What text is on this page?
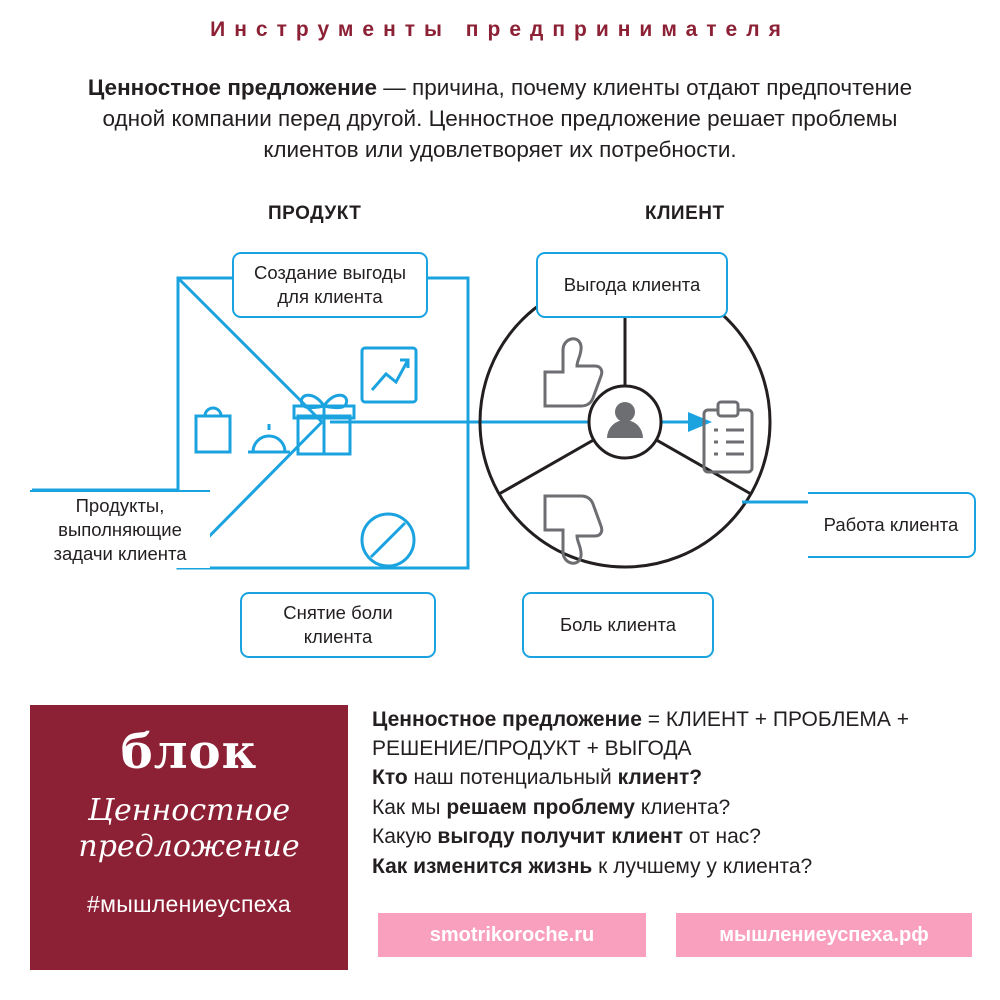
Инструменты предпринимателя
Ценностное предложение — причина, почему клиенты отдают предпочтение одной компании перед другой. Ценностное предложение решает проблемы клиентов или удовлетворяет их потребности.
ПРОДУКТ	КЛИЕНТ
Создание выгоды для клиента
Снятие боли клиента
Выгода клиента
Боль клиента
Работа клиента
Продукты,
выполняющие
задачи клиента
блок
Ценностное
предложение
#мышлениеуспеха
Ценностное предложение = КЛИЕНТ + ПРОБЛЕМА + РЕШЕНИЕ/ПРОДУКТ + ВЫГОДА
Кто наш потенциальный клиент?
Как мы решаем проблему клиента?
Какую выгоду получит клиент от нас?
Как изменится жизнь к лучшему у клиента?
smotrikoroche.ru	мышлениеуспеха.рф
